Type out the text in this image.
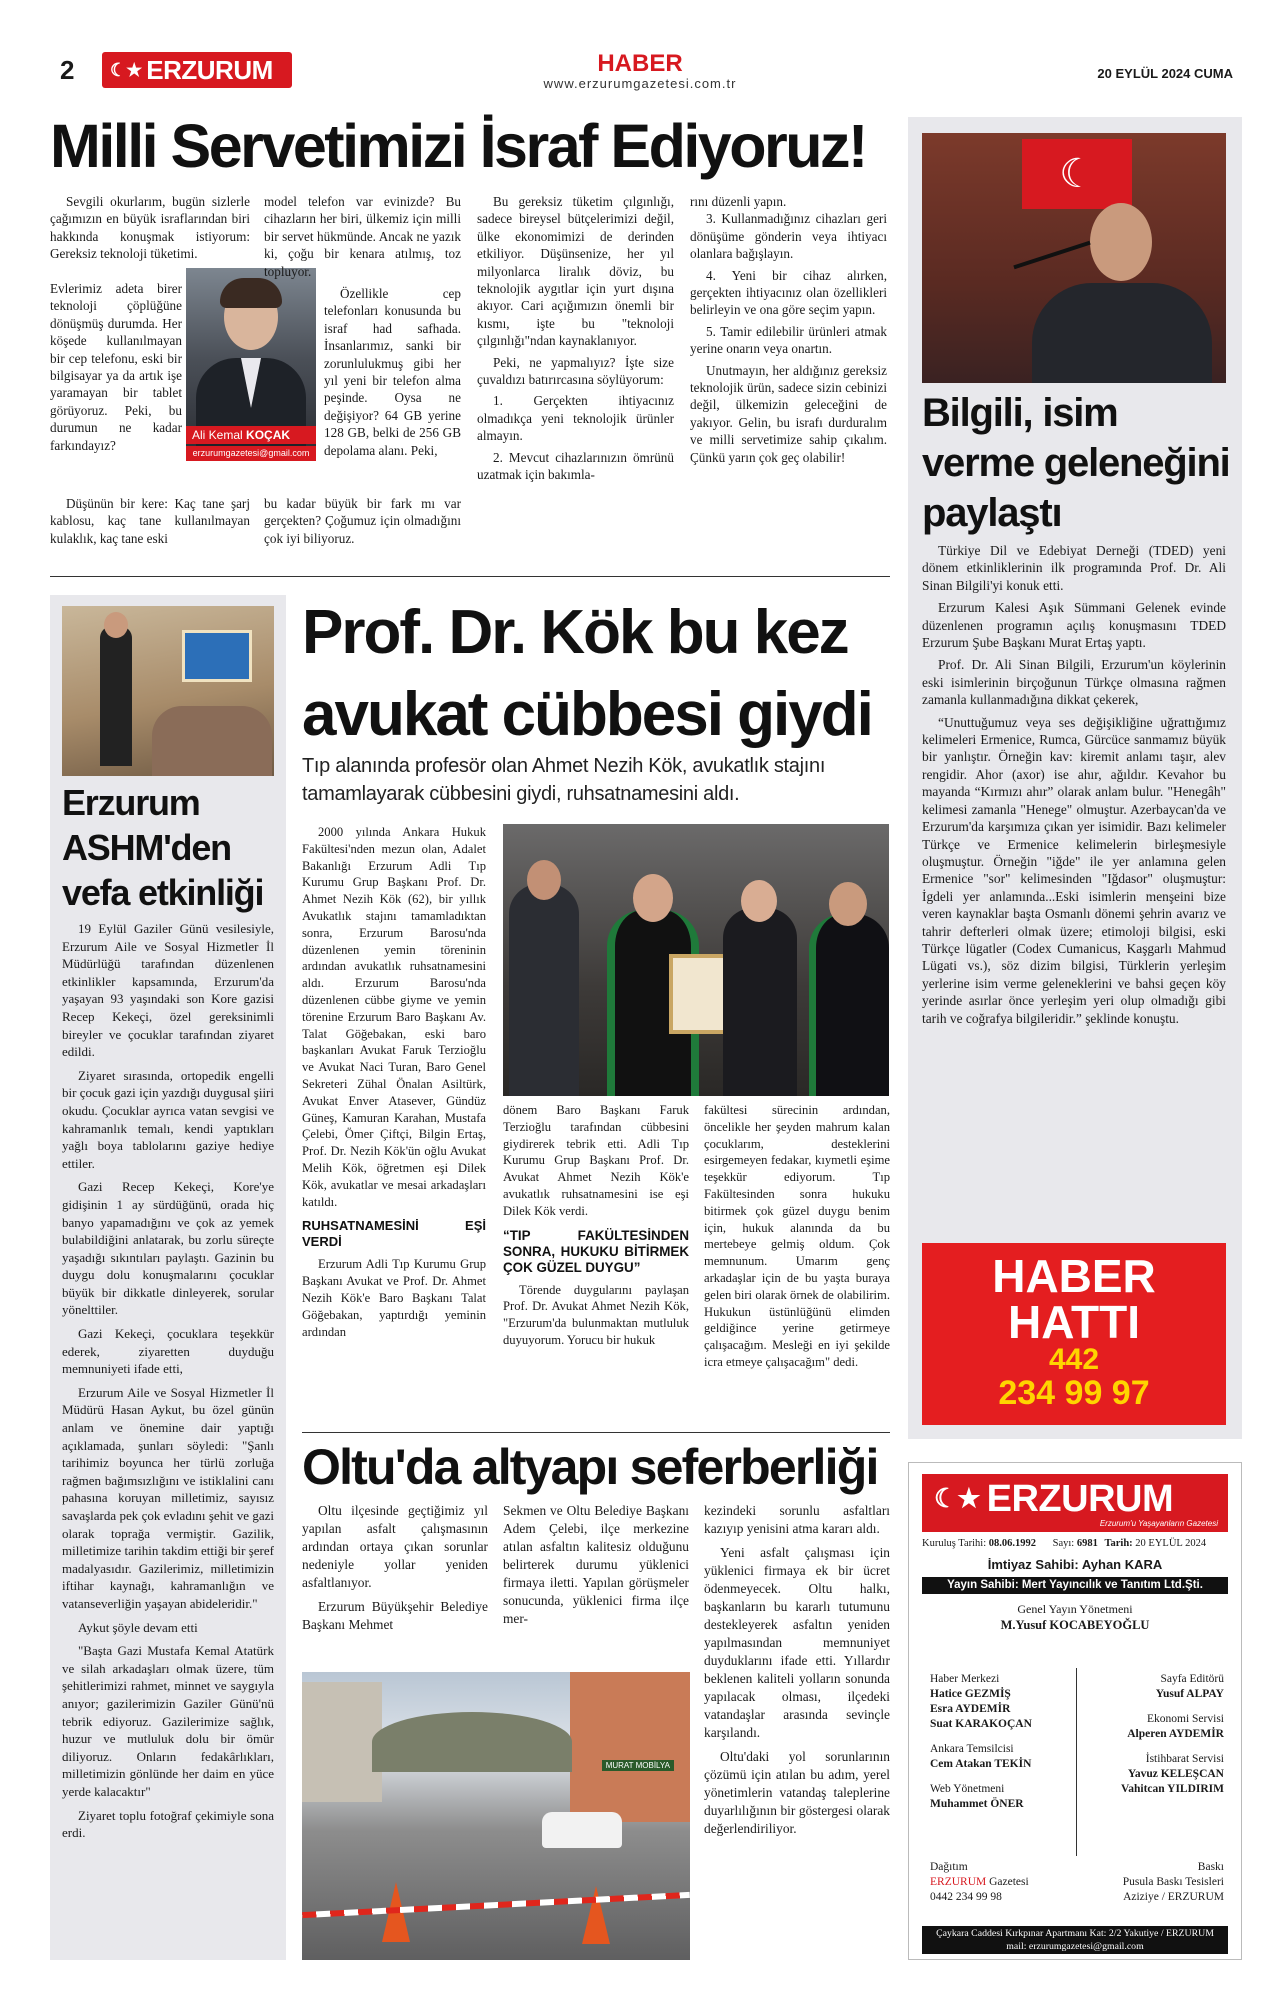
2 ☾★ ERZURUM	HABER
www.erzurumgazetesi.com.tr
20 EYLÜL 2024 CUMA
Milli Servetimizi İsraf Ediyoruz!

Sevgili okurlarım, bugün sizlerle çağımızın en büyük israflarından biri hakkında konuşmak istiyorum: Gereksiz teknoloji tüketimi.

Evlerimiz adeta birer teknoloji çöplüğüne dönüşmüş durumda. Her köşede kullanılmayan bir cep telefonu, eski bir bilgisayar ya da artık işe yaramayan bir tablet görüyoruz. Peki, bu durumun ne kadar farkındayız?

Düşünün bir kere: Kaç tane şarj kablosu, kaç tane kullanılmayan kulaklık, kaç tane eski

Ali Kemal KOÇAK
erzurumgazetesi@gmail.com

model telefon var evinizde? Bu cihazların her biri, ülkemiz için milli bir servet hükmünde. Ancak ne yazık ki, çoğu bir kenara atılmış, toz topluyor.

Özellikle cep telefonları konusunda bu israf had safhada. İnsanlarımız, sanki bir zorunlulukmuş gibi her yıl yeni bir telefon alma peşinde. Oysa ne değişiyor? 64 GB yerine 128 GB, belki de 256 GB depolama alanı. Peki,

bu kadar büyük bir fark mı var gerçekten? Çoğumuz için olmadığını çok iyi biliyoruz.

Bu gereksiz tüketim çılgınlığı, sadece bireysel bütçelerimizi değil, ülke ekonomimizi de derinden etkiliyor. Düşünsenize, her yıl milyonlarca liralık döviz, bu teknolojik aygıtlar için yurt dışına akıyor. Cari açığımızın önemli bir kısmı, işte bu "teknoloji çılgınlığı"ndan kaynaklanıyor.

Peki, ne yapmalıyız? İşte size çuvaldızı batırırcasına söylüyorum:

1. Gerçekten ihtiyacınız olmadıkça yeni teknolojik ürünler almayın.

2. Mevcut cihazlarınızın ömrünü uzatmak için bakımla-

rını düzenli yapın.

3. Kullanmadığınız cihazları geri dönüşüme gönderin veya ihtiyacı olanlara bağışlayın.

4. Yeni bir cihaz alırken, gerçekten ihtiyacınız olan özellikleri belirleyin ve ona göre seçim yapın.

5. Tamir edilebilir ürünleri atmak yerine onarın veya onartın.

Unutmayın, her aldığınız gereksiz teknolojik ürün, sadece sizin cebinizi değil, ülkemizin geleceğini de yakıyor. Gelin, bu israfı durduralım ve milli servetimize sahip çıkalım. Çünkü yarın çok geç olabilir!

☾
Bilgili, isim verme geleneğini paylaştı

Türkiye Dil ve Edebiyat Derneği (TDED) yeni dönem etkinliklerinin ilk programında Prof. Dr. Ali Sinan Bilgili'yi konuk etti.

Erzurum Kalesi Aşık Sümmani Gelenek evinde düzenlenen programın açılış konuşmasını TDED Erzurum Şube Başkanı Murat Ertaş yaptı.

Prof. Dr. Ali Sinan Bilgili, Erzurum'un köylerinin eski isimlerinin birçoğunun Türkçe olmasına rağmen zamanla kullanmadığına dikkat çekerek,

“Unuttuğumuz veya ses değişikliğine uğrattığımız kelimeleri Ermenice, Rumca, Gürcüce sanmamız büyük bir yanlıştır. Örneğin kav: kiremit anlamı taşır, alev rengidir. Ahor (axor) ise ahır, ağıldır. Kevahor bu mayanda “Kırmızı ahır” olarak anlam bulur. "Henegâh" kelimesi zamanla "Henege" olmuştur. Azerbaycan'da ve Erzurum'da karşımıza çıkan yer isimidir. Bazı kelimeler Türkçe ve Ermenice kelimelerin birleşmesiyle oluşmuştur. Örneğin "iğde" ile yer anlamına gelen Ermenice "sor" kelimesinden "Iğdasor" oluşmuştur: İgdeli yer anlamında...Eski isimlerin menşeini bize veren kaynaklar başta Osmanlı dönemi şehrin avarız ve tahrir defterleri olmak üzere; etimoloji bilgisi, eski Türkçe lügatler (Codex Cumanicus, Kaşgarlı Mahmud Lügati vs.), söz dizim bilgisi, Türklerin yerleşim yerlerine isim verme geleneklerini ve bahsi geçen köy yerinde asırlar önce yerleşim yeri olup olmadığı gibi tarih ve coğrafya bilgileridir.” şeklinde konuştu.

HABER
HATTI
442
234 99 97
Erzurum
ASHM'den
vefa etkinliği

19 Eylül Gaziler Günü vesilesiyle, Erzurum Aile ve Sosyal Hizmetler İl Müdürlüğü tarafından düzenlenen etkinlikler kapsamında, Erzurum'da yaşayan 93 yaşındaki son Kore gazisi Recep Kekeçi, özel gereksinimli bireyler ve çocuklar tarafından ziyaret edildi.

Ziyaret sırasında, ortopedik engelli bir çocuk gazi için yazdığı duygusal şiiri okudu. Çocuklar ayrıca vatan sevgisi ve kahramanlık temalı, kendi yaptıkları yağlı boya tablolarını gaziye hediye ettiler.

Gazi Recep Kekeçi, Kore'ye gidişinin 1 ay sürdüğünü, orada hiç banyo yapamadığını ve çok az yemek bulabildiğini anlatarak, bu zorlu süreçte yaşadığı sıkıntıları paylaştı. Gazinin bu duygu dolu konuşmalarını çocuklar büyük bir dikkatle dinleyerek, sorular yönelttiler.

Gazi Kekeçi, çocuklara teşekkür ederek, ziyaretten duyduğu memnuniyeti ifade etti,

Erzurum Aile ve Sosyal Hizmetler İl Müdürü Hasan Aykut, bu özel günün anlam ve önemine dair yaptığı açıklamada, şunları söyledi: "Şanlı tarihimiz boyunca her türlü zorluğa rağmen bağımsızlığını ve istiklalini canı pahasına koruyan milletimiz, sayısız savaşlarda pek çok evladını şehit ve gazi olarak toprağa vermiştir. Gazilik, milletimize tarihin takdim ettiği bir şeref madalyasıdır. Gazilerimiz, milletimizin iftihar kaynağı, kahramanlığın ve vatanseverliğin yaşayan abideleridir."

Aykut şöyle devam etti

"Başta Gazi Mustafa Kemal Atatürk ve silah arkadaşları olmak üzere, tüm şehitlerimizi rahmet, minnet ve saygıyla anıyor; gazilerimizin Gaziler Günü'nü tebrik ediyoruz. Gazilerimize sağlık, huzur ve mutluluk dolu bir ömür diliyoruz. Onların fedakârlıkları, milletimizin gönlünde her daim en yüce yerde kalacaktır"

Ziyaret toplu fotoğraf çekimiyle sona erdi.

Prof. Dr. Kök bu kez
avukat cübbesi giydi
Tıp alanında profesör olan Ahmet Nezih Kök, avukatlık stajını tamamlayarak cübbesini giydi, ruhsatnamesini aldı.

2000 yılında Ankara Hukuk Fakültesi'nden mezun olan, Adalet Bakanlığı Erzurum Adli Tıp Kurumu Grup Başkanı Prof. Dr. Ahmet Nezih Kök (62), bir yıllık Avukatlık stajını tamamladıktan sonra, Erzurum Barosu'nda düzenlenen yemin töreninin ardından avukatlık ruhsatnamesini aldı. Erzurum Barosu'nda düzenlenen cübbe giyme ve yemin törenine Erzurum Baro Başkanı Av. Talat Göğebakan, eski baro başkanları Avukat Faruk Terzioğlu ve Avukat Naci Turan, Baro Genel Sekreteri Zühal Önalan Asiltürk, Avukat Enver Atasever, Gündüz Güneş, Kamuran Karahan, Mustafa Çelebi, Ömer Çiftçi, Bilgin Ertaş, Prof. Dr. Nezih Kök'ün oğlu Avukat Melih Kök, öğretmen eşi Dilek Kök, avukatlar ve mesai arkadaşları katıldı.

RUHSATNAMESİNİ EŞİ VERDİ

Erzurum Adli Tıp Kurumu Grup Başkanı Avukat ve Prof. Dr. Ahmet Nezih Kök'e Baro Başkanı Talat Göğebakan, yaptırdığı yeminin ardından

dönem Baro Başkanı Faruk Terzioğlu tarafından cübbesini giydirerek tebrik etti. Adli Tıp Kurumu Grup Başkanı Prof. Dr. Avukat Ahmet Nezih Kök'e avukatlık ruhsatnamesini ise eşi Dilek Kök verdi.

“TIP FAKÜLTESİNDEN SONRA, HUKUKU BİTİRMEK ÇOK GÜZEL DUYGU”

Törende duygularını paylaşan Prof. Dr. Avukat Ahmet Nezih Kök, "Erzurum'da bulunmaktan mutluluk duyuyorum. Yorucu bir hukuk

fakültesi sürecinin ardından, öncelikle her şeyden mahrum kalan çocuklarım, desteklerini esirgemeyen fedakar, kıymetli eşime teşekkür ediyorum. Tıp Fakültesinden sonra hukuku bitirmek çok güzel duygu benim için, hukuk alanında da bu mertebeye gelmiş oldum. Çok memnunum. Umarım genç arkadaşlar için de bu yaşta buraya gelen biri olarak örnek de olabilirim. Hukukun üstünlüğünü elimden geldiğince yerine getirmeye çalışacağım. Mesleği en iyi şekilde icra etmeye çalışacağım" dedi.

Oltu'da altyapı seferberliği

Oltu ilçesinde geçtiğimiz yıl yapılan asfalt çalışmasının ardından ortaya çıkan sorunlar nedeniyle yollar yeniden asfaltlanıyor.

Erzurum Büyükşehir Belediye Başkanı Mehmet

Sekmen ve Oltu Belediye Başkanı Adem Çelebi, ilçe merkezine atılan asfaltın kalitesiz olduğunu belirterek durumu yüklenici firmaya iletti. Yapılan görüşmeler sonucunda, yüklenici firma ilçe mer-

kezindeki sorunlu asfaltları kazıyıp yenisini atma kararı aldı.

Yeni asfalt çalışması için yüklenici firmaya ek bir ücret ödenmeyecek. Oltu halkı, başkanların bu kararlı tutumunu destekleyerek asfaltın yeniden yapılmasından memnuniyet duyduklarını ifade etti. Yıllardır beklenen kaliteli yolların sonunda yapılacak olması, ilçedeki vatandaşlar arasında sevinçle karşılandı.

Oltu'daki yol sorunlarının çözümü için atılan bu adım, yerel yönetimlerin vatandaş taleplerine duyarlılığının bir göstergesi olarak değerlendiriliyor.

MURAT MOBİLYA
☾★ ERZURUM
Erzurum'u Yaşayanların Gazetesi
Kuruluş Tarihi: 08.06.1992 Sayı: 6981 Tarih: 20 EYLÜL 2024
İmtiyaz Sahibi: Ayhan KARA
Yayın Sahibi: Mert Yayıncılık ve Tanıtım Ltd.Şti.
Genel Yayın Yönetmeni
M.Yusuf KOCABEYOĞLU
Haber Merkezi
Hatice GEZMİŞ
Esra AYDEMİR
Suat KARAKOÇAN
Ankara Temsilcisi
Cem Atakan TEKİN
Web Yönetmeni
Muhammet ÖNER
Sayfa Editörü
Yusuf ALPAY
Ekonomi Servisi
Alperen AYDEMİR
İstihbarat Servisi
Yavuz KELEŞCAN
Vahitcan YILDIRIM
Dağıtım
ERZURUM Gazetesi
0442 234 99 98
Baskı
Pusula Baskı Tesisleri
Aziziye / ERZURUM
Çaykara Caddesi Kırkpınar Apartmanı Kat: 2/2 Yakutiye / ERZURUM
mail: erzurumgazetesi@gmail.com
